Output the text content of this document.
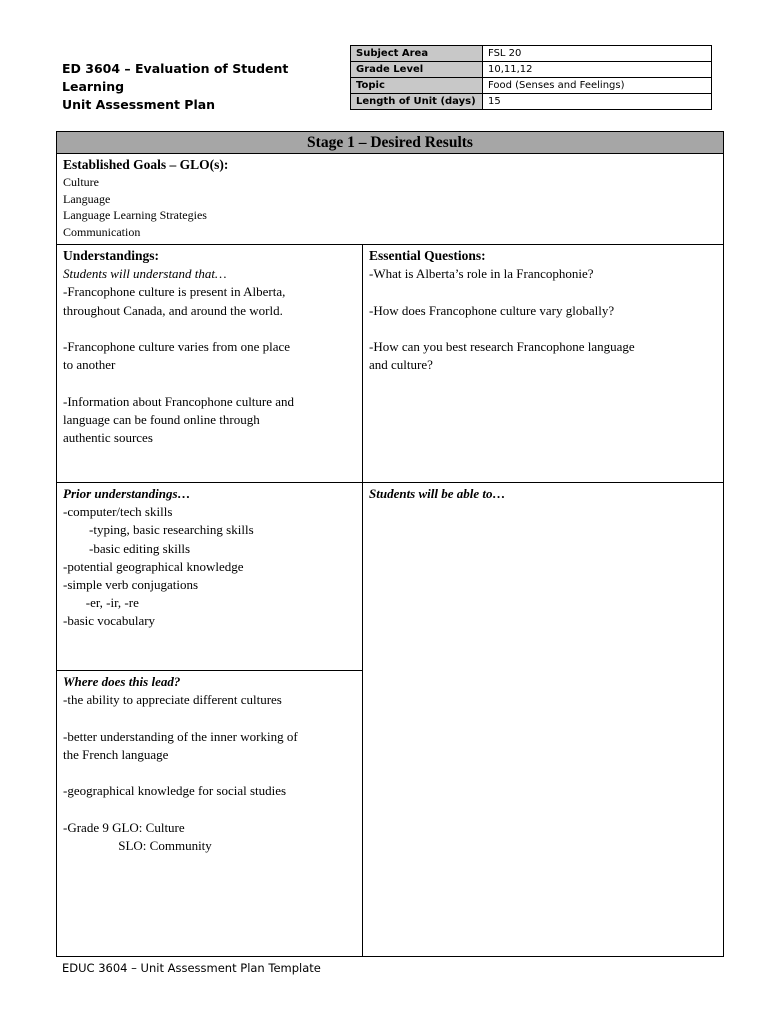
ED 3604 – Evaluation of Student Learning
Unit Assessment Plan
Subject Area	FSL 20
Grade Level	10,11,12
Topic	Food (Senses and Feelings)
Length of Unit (days)	15
Stage 1 – Desired Results
Established Goals – GLO(s):
Culture
Language
Language Learning Strategies
Communication
Understandings:
Students will understand that…
-Francophone culture is present in Alberta,
throughout Canada, and around the world.
-Francophone culture varies from one place
to another
-Information about Francophone culture and
language can be found online through
authentic sources
Essential Questions:
-What is Alberta’s role in la Francophonie?
-How does Francophone culture vary globally?
-How can you best research Francophone language
and culture?
Prior understandings…
-computer/tech skills
-typing, basic researching skills
-basic editing skills
-potential geographical knowledge
-simple verb conjugations
-er, -ir, -re
-basic vocabulary
Students will be able to…
Where does this lead?
-the ability to appreciate different cultures
-better understanding of the inner working of
the French language
-geographical knowledge for social studies
-Grade 9 GLO: Culture
SLO: Community
EDUC 3604 – Unit Assessment Plan Template
